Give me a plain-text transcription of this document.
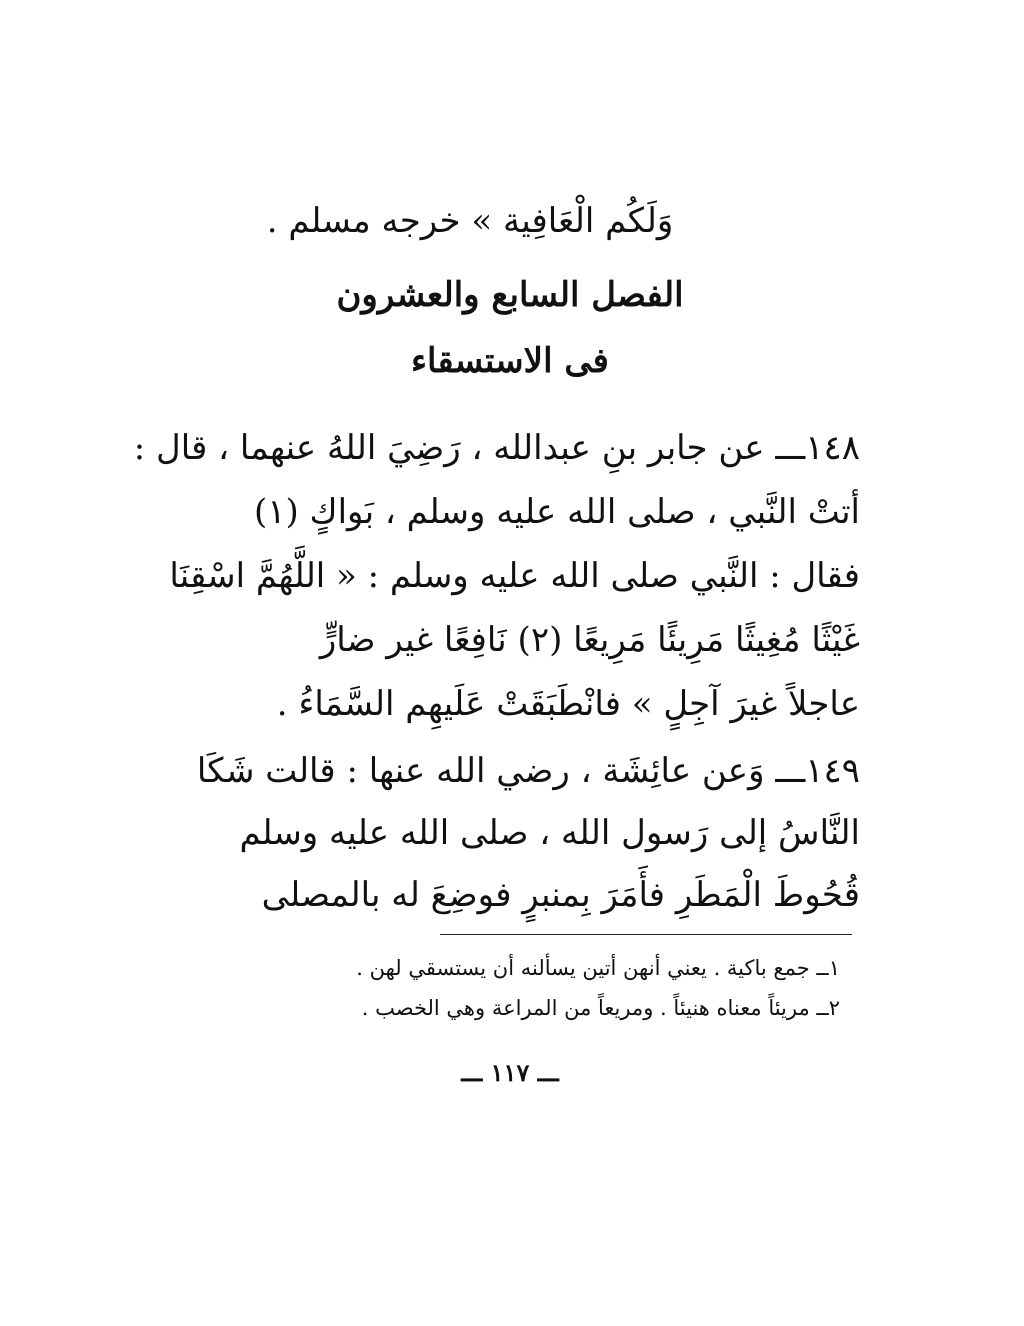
وَلَكُم الْعَافِية » خرجه مسلم .
الفصل السابع والعشرون
فى الاستسقاء
١٤٨ـــ عن جابر بنِ عبدالله ، رَضِيَ اللهُ عنهما ، قال :
أتتْ النَّبي ، صلى الله عليه وسلم ، بَواكٍ (١)
فقال : النَّبي صلى الله عليه وسلم : « اللَّهُمَّ اسْقِنَا
غَيْثًا مُغِيثًا مَرِيئًا مَرِيعًا (٢) نَافِعًا غير ضارٍّ
عاجلاً غيرَ آجِلٍ » فانْطَبَقَتْ عَلَيهِم السَّمَاءُ .
١٤٩ـــ وَعن عائِشَة ، رضي الله عنها : قالت شَكَا
النَّاسُ إلى رَسول الله ، صلى الله عليه وسلم
قُحُوطَ الْمَطَرِ فأَمَرَ بِمنبرٍ فوضِعَ له بالمصلى
١ــ جمع باكية . يعني أنهن أتين يسألنه أن يستسقي لهن .
٢ــ مريئاً معناه هنيئاً . ومريعاً من المراعة وهي الخصب .
ـــ ١١٧ ـــ
